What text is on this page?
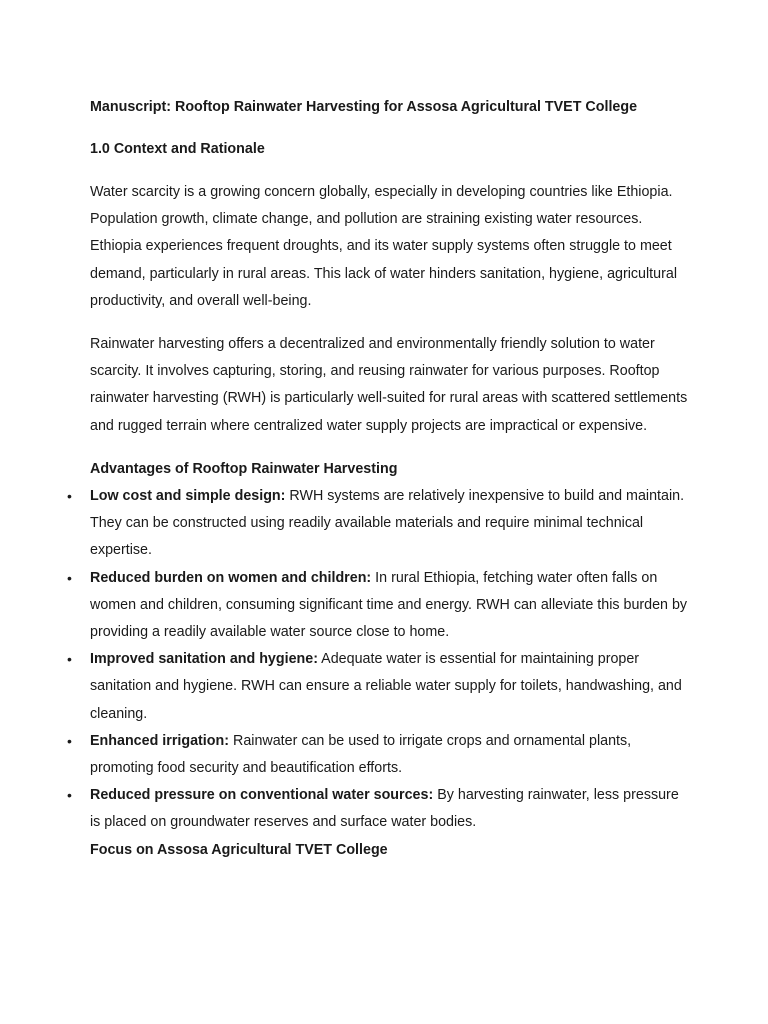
Manuscript: Rooftop Rainwater Harvesting for Assosa Agricultural TVET College
1.0 Context and Rationale

Water scarcity is a growing concern globally, especially in developing countries like Ethiopia. Population growth, climate change, and pollution are straining existing water resources. Ethiopia experiences frequent droughts, and its water supply systems often struggle to meet demand, particularly in rural areas. This lack of water hinders sanitation, hygiene, agricultural productivity, and overall well-being.

Rainwater harvesting offers a decentralized and environmentally friendly solution to water scarcity. It involves capturing, storing, and reusing rainwater for various purposes. Rooftop rainwater harvesting (RWH) is particularly well-suited for rural areas with scattered settlements and rugged terrain where centralized water supply projects are impractical or expensive.

Advantages of Rooftop Rainwater Harvesting
• Low cost and simple design: RWH systems are relatively inexpensive to build and maintain. They can be constructed using readily available materials and require minimal technical expertise.
• Reduced burden on women and children: In rural Ethiopia, fetching water often falls on women and children, consuming significant time and energy. RWH can alleviate this burden by providing a readily available water source close to home.
• Improved sanitation and hygiene: Adequate water is essential for maintaining proper sanitation and hygiene. RWH can ensure a reliable water supply for toilets, handwashing, and cleaning.
• Enhanced irrigation: Rainwater can be used to irrigate crops and ornamental plants, promoting food security and beautification efforts.
• Reduced pressure on conventional water sources: By harvesting rainwater, less pressure is placed on groundwater reserves and surface water bodies.
Focus on Assosa Agricultural TVET College
